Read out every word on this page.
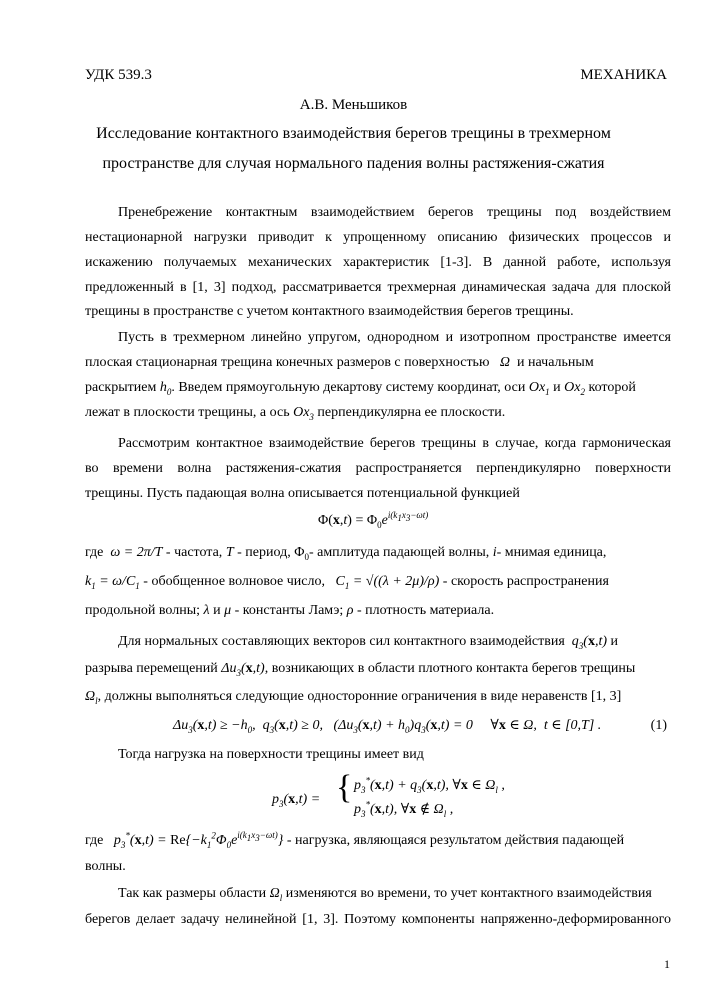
УДК 539.3	МЕХАНИКА
А.В. Меньшиков
Исследование контактного взаимодействия берегов трещины в трехмерном
пространстве для случая нормального падения волны растяжения-сжатия
Пренебрежение контактным взаимодействием берегов трещины под воздействием
нестационарной нагрузки приводит к упрощенному описанию физических процессов и
искажению получаемых механических характеристик [1-3]. В данной работе, используя
предложенный в [1, 3] подход, рассматривается трехмерная динамическая задача для плоской
трещины в пространстве с учетом контактного взаимодействия берегов трещины.
Пусть в трехмерном линейно упругом, однородном и изотропном пространстве имеется
плоская стационарная трещина конечных размеров с поверхностью   Ω  и начальным
раскрытием $h_0$. Введем прямоугольную декартову систему координат, оси $Ox_1$ и $Ox_2$ которой
лежат в плоскости трещины, а ось $Ox_3$ перпендикулярна ее плоскости.
Рассмотрим контактное взаимодействие берегов трещины в случае, когда гармоническая
во времени волна растяжения-сжатия распространяется перпендикулярно поверхности
трещины. Пусть падающая волна описывается потенциальной функцией
$\Phi(x,t) = \Phi_0e^{i(k_1x_3-\omega t)}$
где  ω = 2π/T - частота, T - период, $\Phi_0-$ амплитуда падающей волны, i- мнимая единица,
$k_1 = \omega/C_1$ - обобщенное волновое число,   $C_1 = √((\lambda + 2\mu)/\rho)$ - скорость распространения
продольной волны; λ и μ - константы Ламэ; ρ - плотность материала.
Для нормальных составляющих векторов сил контактного взаимодействия  $q_3(x,t)$ и
разрыва перемещений $\Delta u_3(x,t)$, возникающих в области плотного контакта берегов трещины
$\Omega_l$, должны выполняться следующие односторонние ограничения в виде неравенств [1, 3]
$\Delta u_3(x,t) \ge -h_0$,  $q_3(x,t) \ge 0$,   $(\Delta u_3(x,t) + h_0)q_3(x,t) = 0$     ∀x ∈ Ω,  t ∈ [0,T] .	(1)
Тогда нагрузка на поверхности трещины имеет вид
$p_3(x,t)$ = { $p_3^*(x,t) + q_3(x,t)$, ∀x ∈ $\Omega_l$ ,
$p_3^*(x,t)$, ∀x ∉ $\Omega_l$ ,
где $p_3^*(x,t) = Re\{-k_1^2\Phi_0e^{i(k_1x_3-\omega t)}\}$ - нагрузка, являющаяся результатом действия падающей
волны.
Так как размеры области $\Omega_l$ изменяются во времени, то учет контактного взаимодействия
берегов делает задачу нелинейной [1, 3]. Поэтому компоненты напряженно-деформированного
1
